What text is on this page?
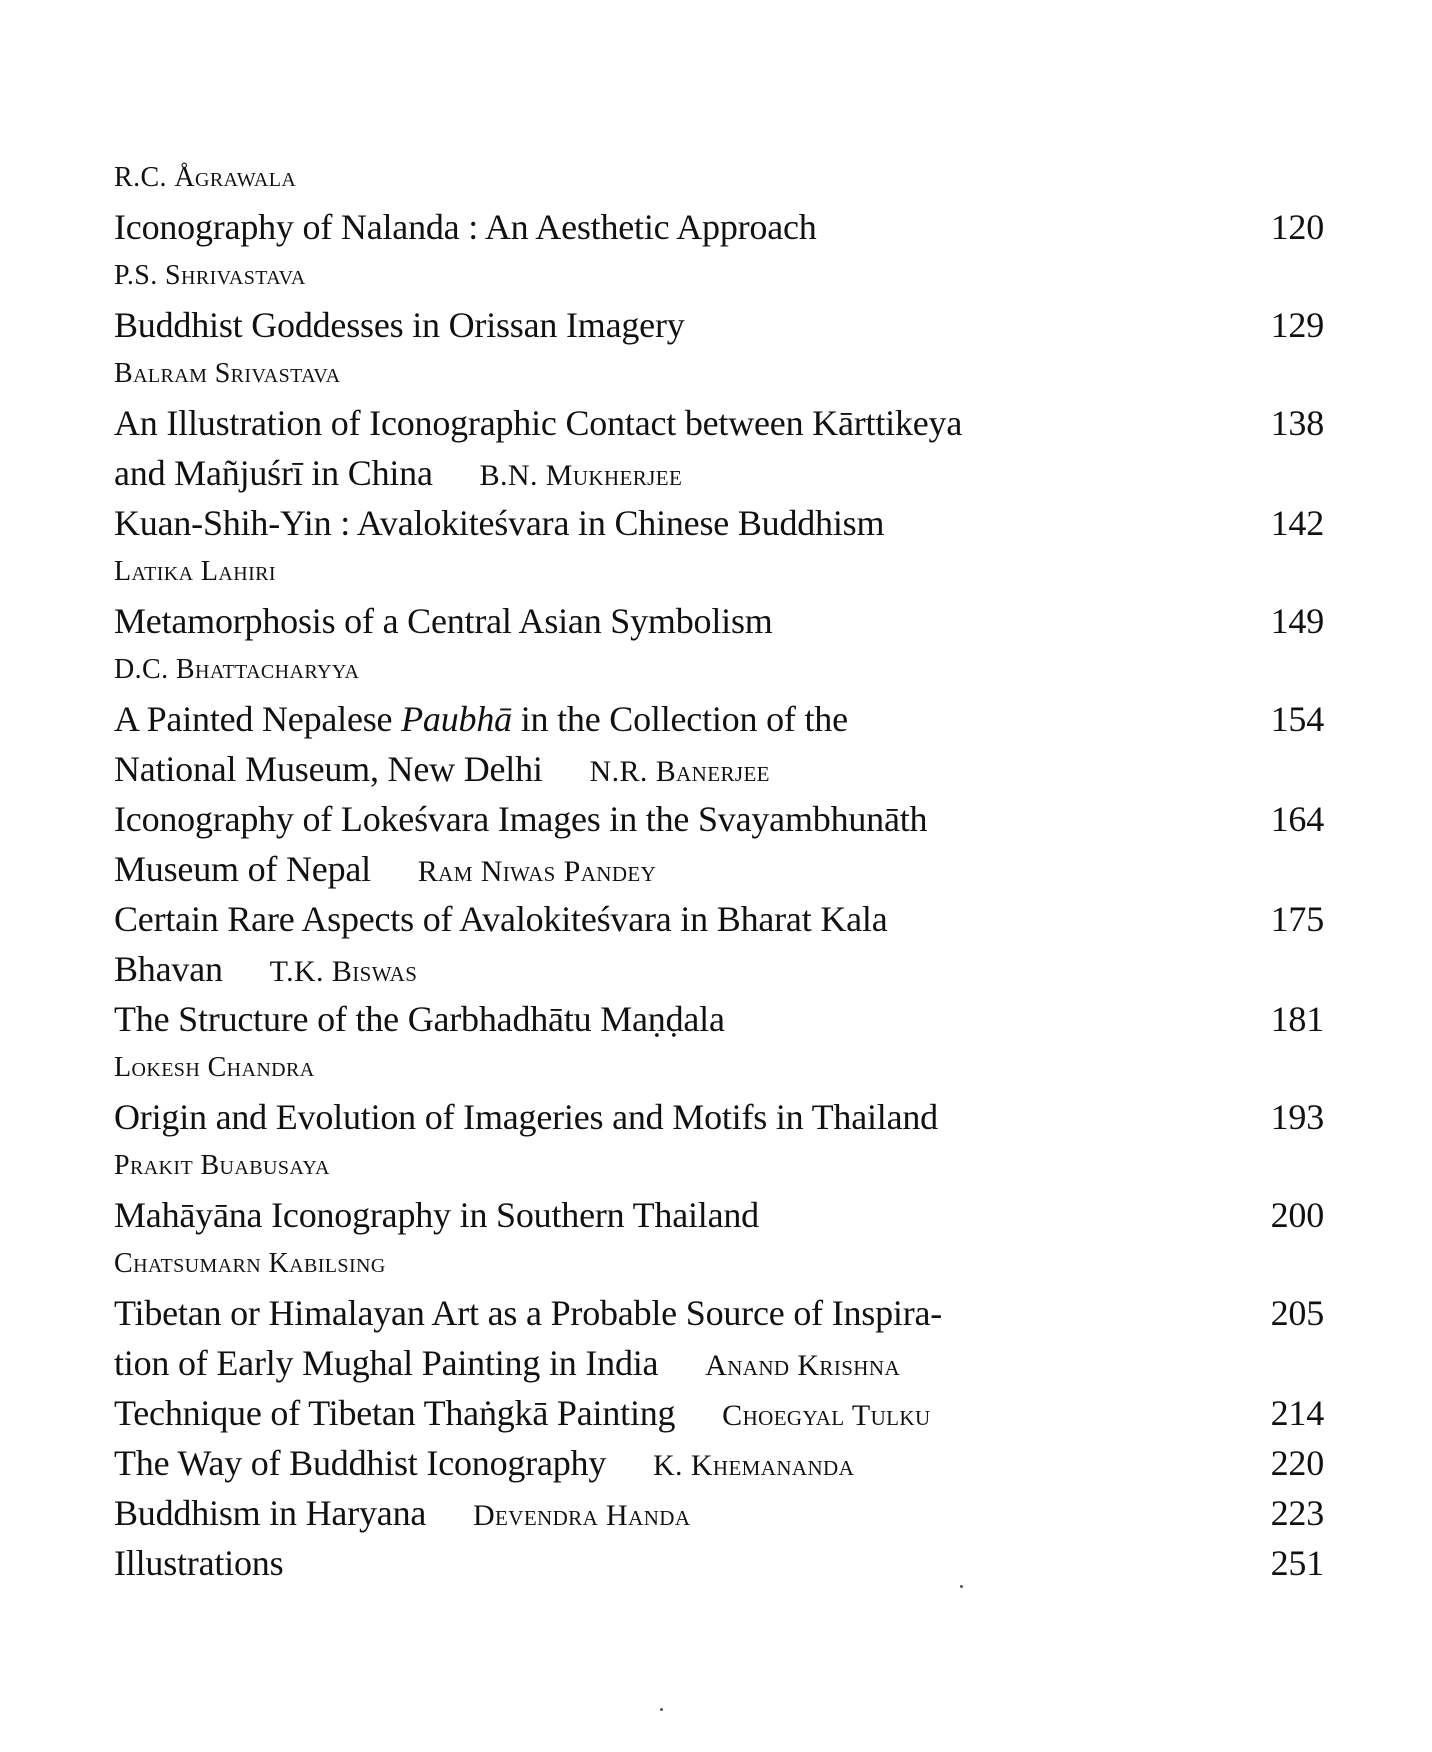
R.C. Ågrawala
Iconography of Nalanda : An Aesthetic Approach	120
P.S. Shrivastava
Buddhist Goddesses in Orissan Imagery	129
Balram Srivastava
An Illustration of Iconographic Contact between Kārttikeya	138
and Mañjuśrī in China B.N. Mukherjee
Kuan-Shih-Yin : Avalokiteśvara in Chinese Buddhism	142
Latika Lahiri
Metamorphosis of a Central Asian Symbolism	149
D.C. Bhattacharyya
A Painted Nepalese Paubhā in the Collection of the	154
National Museum, New Delhi N.R. Banerjee
Iconography of Lokeśvara Images in the Svayambhunāth	164
Museum of Nepal Ram Niwas Pandey
Certain Rare Aspects of Avalokiteśvara in Bharat Kala	175
Bhavan T.K. Biswas
The Structure of the Garbhadhātu Maṇḍala	181
Lokesh Chandra
Origin and Evolution of Imageries and Motifs in Thailand	193
Prakit Buabusaya
Mahāyāna Iconography in Southern Thailand	200
Chatsumarn Kabilsing
Tibetan or Himalayan Art as a Probable Source of Inspira-	205
tion of Early Mughal Painting in India Anand Krishna
Technique of Tibetan Thaṅgkā Painting Choegyal Tulku	214
The Way of Buddhist Iconography K. Khemananda	220
Buddhism in Haryana Devendra Handa	223
Illustrations	251
